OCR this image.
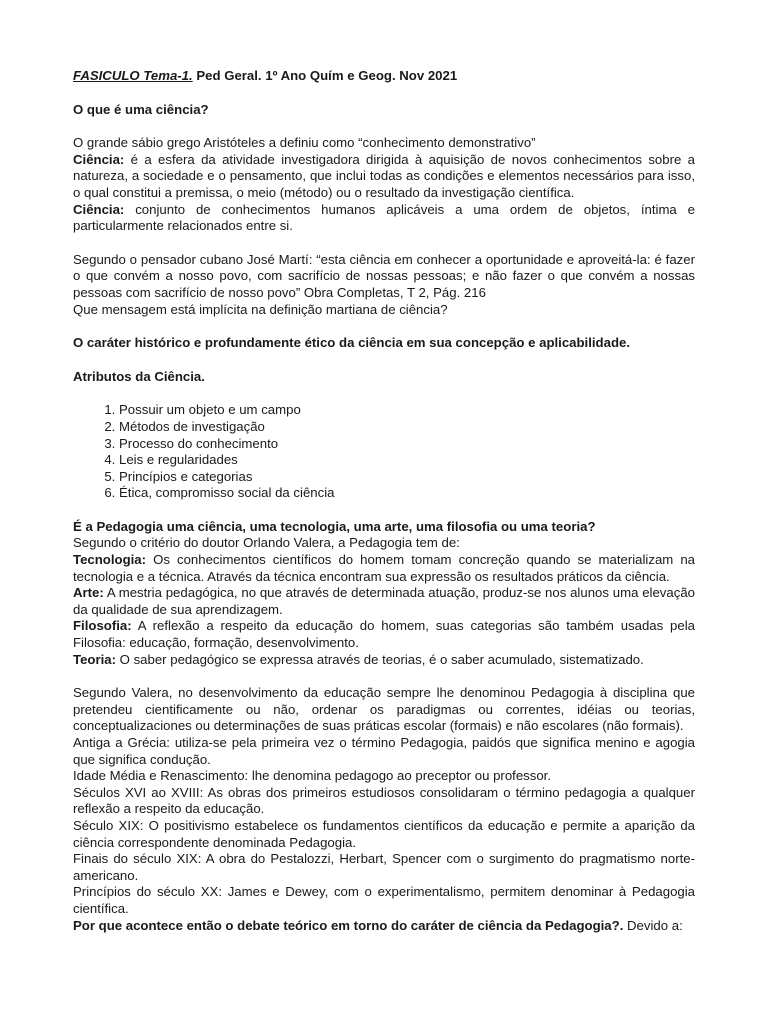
FASICULO Tema-1. Ped Geral. 1º Ano Quím e Geog. Nov 2021

O que é uma ciência?

O grande sábio grego Aristóteles a definiu como “conhecimento demonstrativo”

Ciência: é a esfera da atividade investigadora dirigida à aquisição de novos conhecimentos sobre a natureza, a sociedade e o pensamento, que inclui todas as condições e elementos necessários para isso, o qual constitui a premissa, o meio (método) ou o resultado da investigação científica.

Ciência: conjunto de conhecimentos humanos aplicáveis a uma ordem de objetos, íntima e particularmente relacionados entre si.

Segundo o pensador cubano José Martí: “esta ciência em conhecer a oportunidade e aproveitá-la: é fazer o que convém a nosso povo, com sacrifício de nossas pessoas; e não fazer o que convém a nossas pessoas com sacrifício de nosso povo” Obra Completas, T 2, Pág. 216

Que mensagem está implícita na definição martiana de ciência?

O caráter histórico e profundamente ético da ciência em sua concepção e aplicabilidade.

Atributos da Ciência.

1. Possuir um objeto e um campo
2. Métodos de investigação
3. Processo do conhecimento
4. Leis e regularidades
5. Princípios e categorias
6. Ética, compromisso social da ciência

É a Pedagogia uma ciência, uma tecnologia, uma arte, uma filosofia ou uma teoria?

Segundo o critério do doutor Orlando Valera, a Pedagogia tem de:

Tecnologia: Os conhecimentos científicos do homem tomam concreção quando se materializam na tecnologia e a técnica. Através da técnica encontram sua expressão os resultados práticos da ciência.

Arte: A mestria pedagógica, no que através de determinada atuação, produz-se nos alunos uma elevação da qualidade de sua aprendizagem.

Filosofia: A reflexão a respeito da educação do homem, suas categorias são também usadas pela Filosofia: educação, formação, desenvolvimento.

Teoria: O saber pedagógico se expressa através de teorias, é o saber acumulado, sistematizado.

Segundo Valera, no desenvolvimento da educação sempre lhe denominou Pedagogia à disciplina que pretendeu cientificamente ou não, ordenar os paradigmas ou correntes, idéias ou teorias, conceptualizaciones ou determinações de suas práticas escolar (formais) e não escolares (não formais).

Antiga a Grécia: utiliza-se pela primeira vez o término Pedagogia, paidós que significa menino e agogia que significa condução.

Idade Média e Renascimento: lhe denomina pedagogo ao preceptor ou professor.

Séculos XVI ao XVIII: As obras dos primeiros estudiosos consolidaram o término pedagogia a qualquer reflexão a respeito da educação.

Século XIX: O positivismo estabelece os fundamentos científicos da educação e permite a aparição da ciência correspondente denominada Pedagogia.

Finais do século XIX: A obra do Pestalozzi, Herbart, Spencer com o surgimento do pragmatismo norte-americano.

Princípios do século XX: James e Dewey, com o experimentalismo, permitem denominar à Pedagogia científica.

Por que acontece então o debate teórico em torno do caráter de ciência da Pedagogia?. Devido a:
